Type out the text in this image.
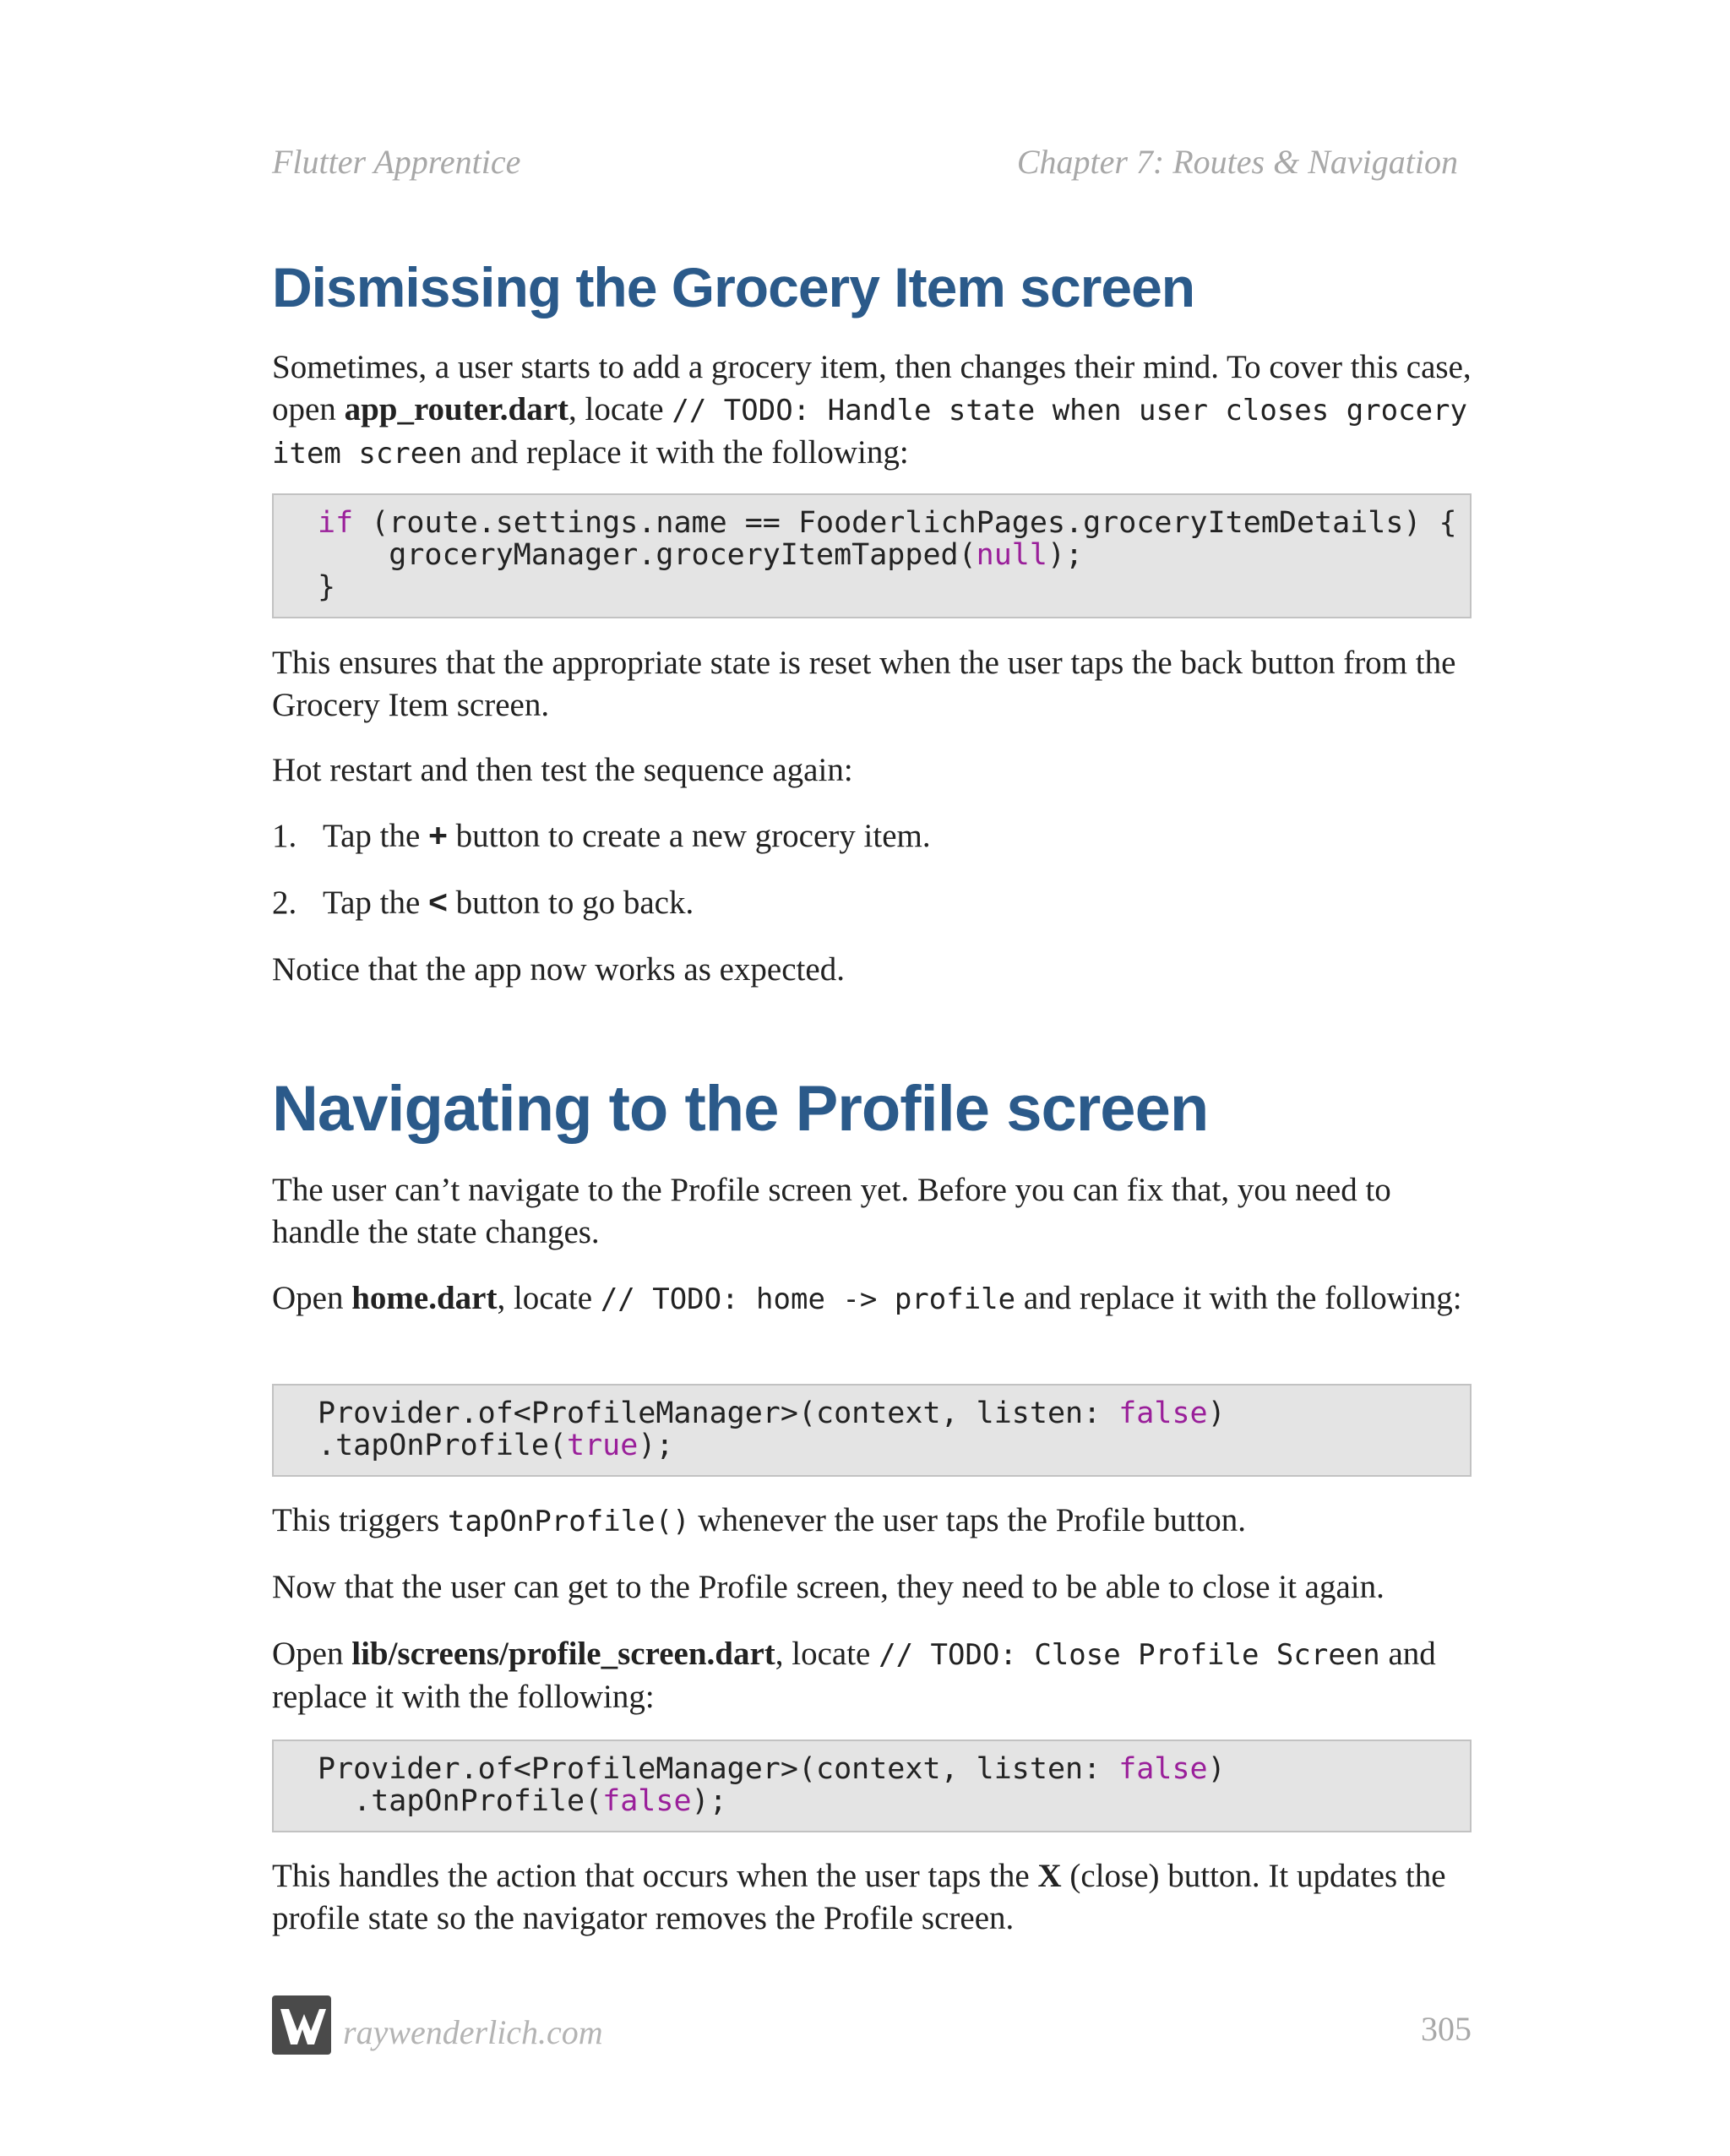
Flutter Apprentice	Chapter 7: Routes & Navigation
Dismissing the Grocery Item screen

Sometimes, a user starts to add a grocery item, then changes their mind. To cover this case, open app_router.dart, locate // TODO: Handle state when user closes grocery item screen and replace it with the following:

if (route.settings.name == FooderlichPages.groceryItemDetails) {
groceryManager.groceryItemTapped(null);
}

This ensures that the appropriate state is reset when the user taps the back button from the Grocery Item screen.

Hot restart and then test the sequence again:

1. Tap the + button to create a new grocery item.

2. Tap the < button to go back.

Notice that the app now works as expected.

Navigating to the Profile screen

The user can’t navigate to the Profile screen yet. Before you can fix that, you need to handle the state changes.

Open home.dart, locate // TODO: home -> profile and replace it with the following:

Provider.of<ProfileManager>(context, listen: false)
.tapOnProfile(true);

This triggers tapOnProfile() whenever the user taps the Profile button.

Now that the user can get to the Profile screen, they need to be able to close it again.

Open lib/screens/profile_screen.dart, locate // TODO: Close Profile Screen and replace it with the following:

Provider.of<ProfileManager>(context, listen: false)
.tapOnProfile(false);

This handles the action that occurs when the user taps the X (close) button. It updates the profile state so the navigator removes the Profile screen.

raywenderlich.com	305
